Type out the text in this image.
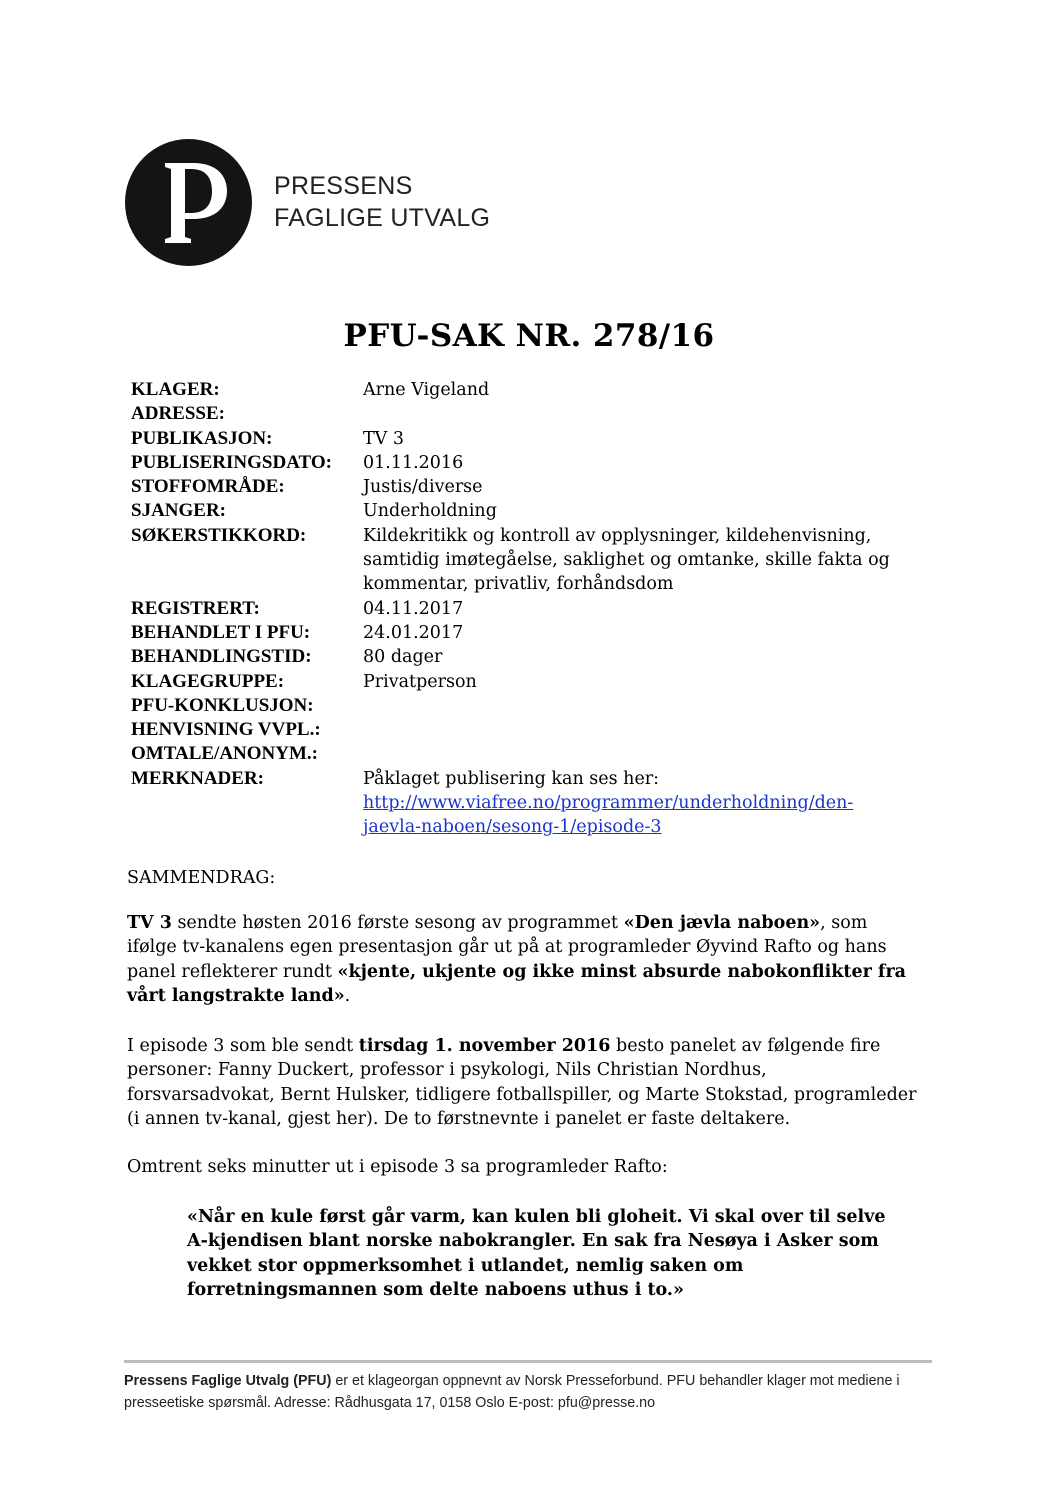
PRESSENS
FAGLIGE UTVALG
PFU-SAK NR. 278/16
KLAGER:	Arne Vigeland
ADRESSE:	
PUBLIKASJON:	TV 3
PUBLISERINGSDATO:	01.11.2016
STOFFOMRÅDE:	Justis/diverse
SJANGER:	Underholdning
SØKERSTIKKORD:	Kildekritikk og kontroll av opplysninger, kildehenvisning, samtidig imøtegåelse, saklighet og omtanke, skille fakta og kommentar, privatliv, forhåndsdom
REGISTRERT:	04.11.2017
BEHANDLET I PFU:	24.01.2017
BEHANDLINGSTID:	80 dager
KLAGEGRUPPE:	Privatperson
PFU-KONKLUSJON:	
HENVISNING VVPL.:	
OMTALE/ANONYM.:	
MERKNADER:	Påklaget publisering kan ses her:
http://www.viafree.no/programmer/underholdning/den-
jaevla-naboen/sesong-1/episode-3
SAMMENDRAG:

TV 3 sendte høsten 2016 første sesong av programmet «Den jævla naboen», som ifølge tv-kanalens egen presentasjon går ut på at programleder Øyvind Rafto og hans panel reflekterer rundt «kjente, ukjente og ikke minst absurde nabokonflikter fra vårt langstrakte land».

I episode 3 som ble sendt tirsdag 1. november 2016 besto panelet av følgende fire personer: Fanny Duckert, professor i psykologi, Nils Christian Nordhus, forsvarsadvokat, Bernt Hulsker, tidligere fotballspiller, og Marte Stokstad, programleder (i annen tv-kanal, gjest her). De to førstnevnte i panelet er faste deltakere.

Omtrent seks minutter ut i episode 3 sa programleder Rafto:
«Når en kule først går varm, kan kulen bli gloheit. Vi skal over til selve A-kjendisen blant norske nabokrangler. En sak fra Nesøya i Asker som vekket stor oppmerksomhet i utlandet, nemlig saken om forretningsmannen som delte naboens uthus i to.»
Pressens Faglige Utvalg (PFU) er et klageorgan oppnevnt av Norsk Presseforbund. PFU behandler klager mot mediene i presseetiske spørsmål. Adresse: Rådhusgata 17, 0158 Oslo E-post: pfu@presse.no
